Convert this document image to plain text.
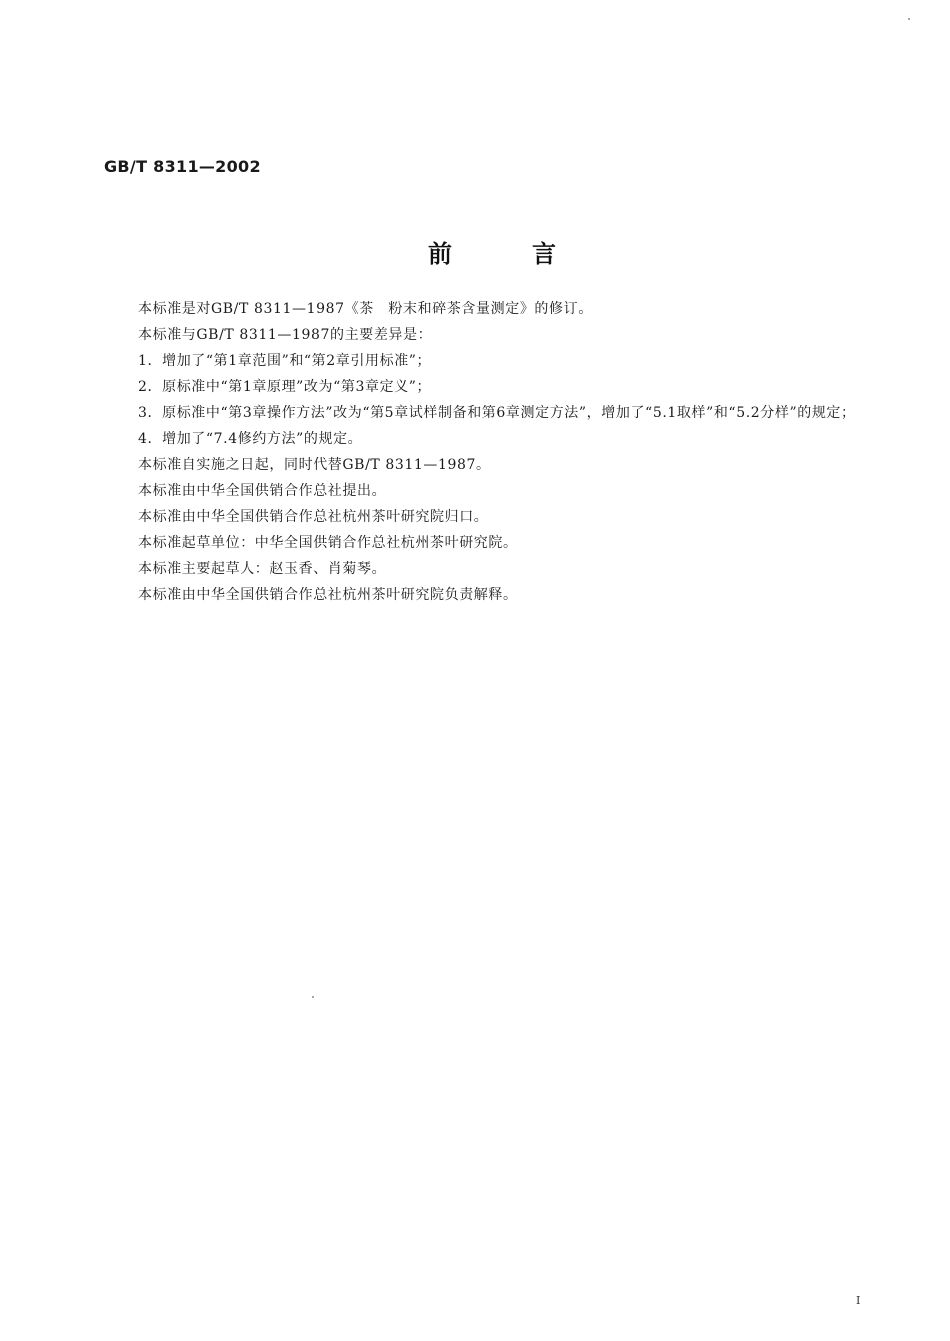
GB/T 8311—2002
前言

本标准是对GB/T 8311—1987《茶　粉末和碎茶含量测定》的修订。

本标准与GB/T 8311—1987的主要差异是：

1．增加了“第1章范围”和“第2章引用标准”；

2．原标准中“第1章原理”改为“第3章定义”；

3．原标准中“第3章操作方法”改为“第5章试样制备和第6章测定方法”，增加了“5.1取样”和“5.2分样”的规定；

4．增加了“7.4修约方法”的规定。

本标准自实施之日起，同时代替GB/T 8311—1987。

本标准由中华全国供销合作总社提出。

本标准由中华全国供销合作总社杭州茶叶研究院归口。

本标准起草单位：中华全国供销合作总社杭州茶叶研究院。

本标准主要起草人：赵玉香、肖菊琴。

本标准由中华全国供销合作总社杭州茶叶研究院负责解释。

I
